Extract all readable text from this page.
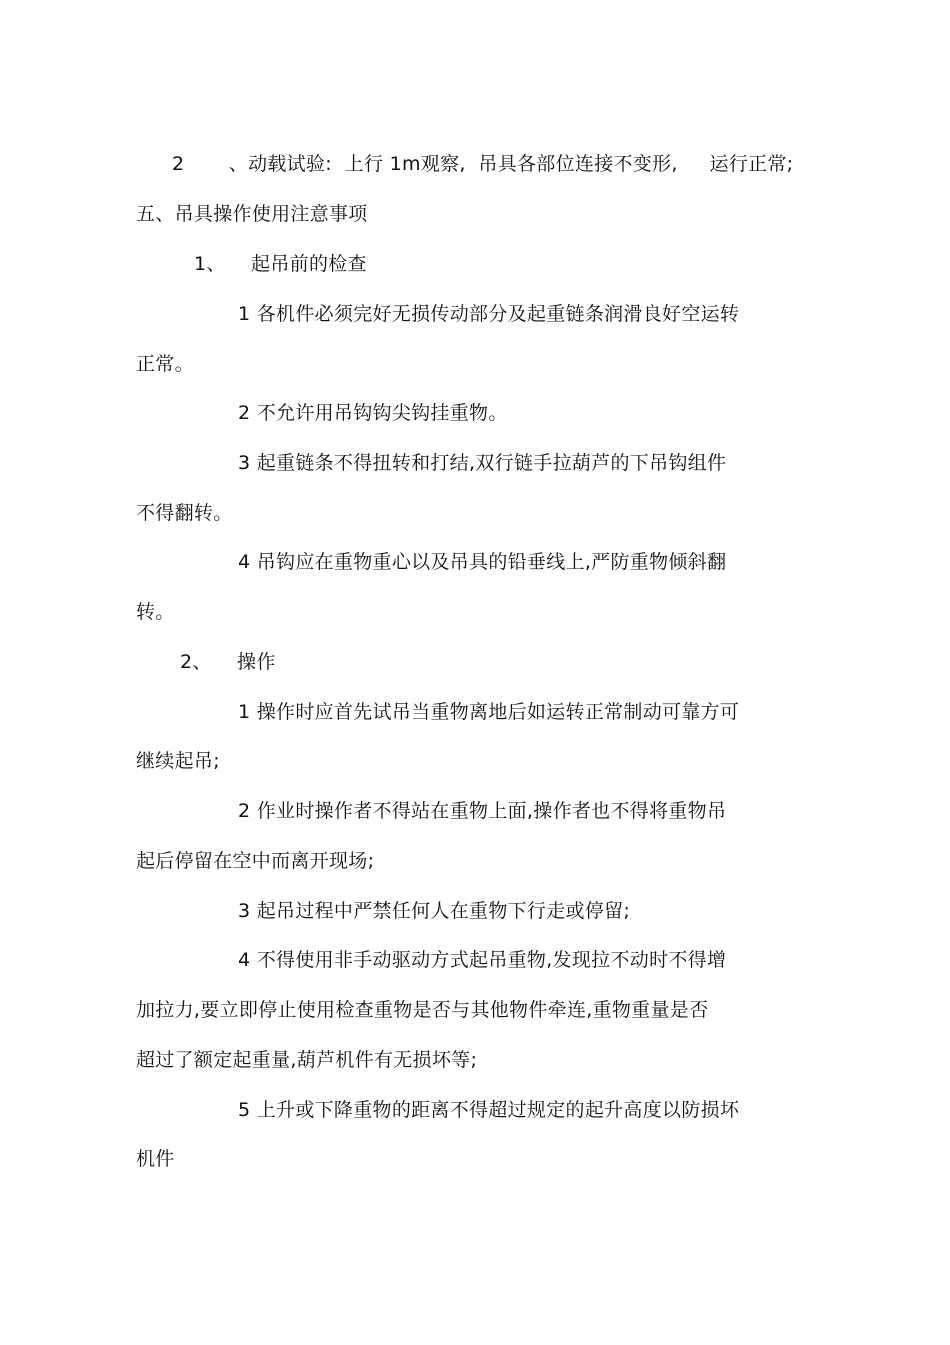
2       、动载试验:  上行 1m观察,  吊具各部位连接不变形,     运行正常;
五、吊具操作使用注意事项
1、    起吊前的检查
1 各机件必须完好无损传动部分及起重链条润滑良好空运转
正常。
2 不允许用吊钩钩尖钩挂重物。
3 起重链条不得扭转和打结,双行链手拉葫芦的下吊钩组件
不得翻转。
4 吊钩应在重物重心以及吊具的铅垂线上,严防重物倾斜翻
转。
2、    操作
1 操作时应首先试吊当重物离地后如运转正常制动可靠方可
继续起吊;
2 作业时操作者不得站在重物上面,操作者也不得将重物吊
起后停留在空中而离开现场;
3 起吊过程中严禁任何人在重物下行走或停留;
4 不得使用非手动驱动方式起吊重物,发现拉不动时不得增
加拉力,要立即停止使用检查重物是否与其他物件牵连,重物重量是否
超过了额定起重量,葫芦机件有无损坏等;
5 上升或下降重物的距离不得超过规定的起升高度以防损坏
机件
